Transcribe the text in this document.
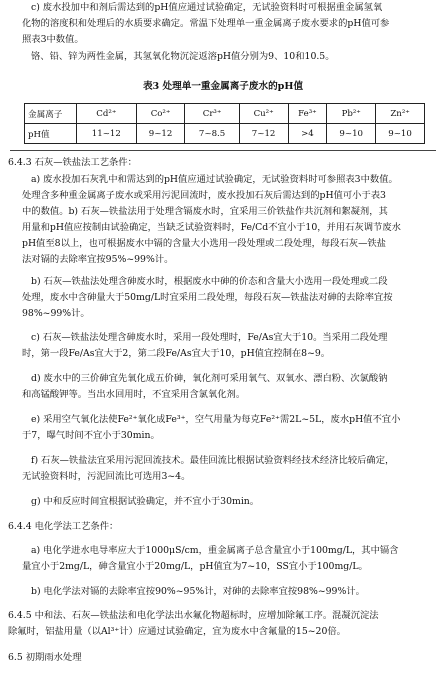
c) 废水投加中和剂后需达到的pH值应通过试验确定，无试验资料时可根据重金属氢氧
化物的溶度积和处理后的水质要求确定。常温下处理单一重金属离子废水要求的pH值可参
照表3中数值。
铬、铅、锌为两性金属，其氢氧化物沉淀返溶pH值分别为9、10和10.5。
表3 处理单一重金属离子废水的pH值
金属离子	Cd²⁺	Co²⁺	Cr³⁺	Cu²⁺	Fe³⁺	Pb²⁺	Zn²⁺
pH值	11~12	9~12	7~8.5	7~12	>4	9~10	9~10
6.4.3 石灰—铁盐法工艺条件：
a) 废水投加石灰乳中和需达到的pH值应通过试验确定，无试验资料时可参照表3中数值。
处理含多种重金属离子废水或采用污泥回流时，废水投加石灰后需达到的pH值可小于表3
中的数值。b) 石灰—铁盐法用于处理含镉废水时，宜采用三价铁盐作共沉剂和絮凝剂，其
用量和pH值应按制由试验确定，当缺乏试验资料时，Fe/Cd不宜小于10，并用石灰调节废水
pH值至8以上，也可根据废水中镉的含量大小选用一段处理或二段处理，每段石灰—铁盐
法对镉的去除率宜按95%~99%计。
b) 石灰—铁盐法处理含砷废水时，根据废水中砷的价态和含量大小选用一段处理或二段
处理，废水中含砷量大于50mg/L时宜采用二段处理，每段石灰—铁盐法对砷的去除率宜按
98%~99%计。
c) 石灰—铁盐法处理含砷废水时，采用一段处理时，Fe/As宜大于10。当采用二段处理
时，第一段Fe/As宜大于2，第二段Fe/As宜大于10，pH值宜控制在8~9。
d) 废水中的三价砷宜先氧化成五价砷，氧化剂可采用氧气、双氧水、漂白粉、次氯酸钠
和高锰酸钾等。当出水回用时，不宜采用含氯氧化剂。
e) 采用空气氧化法使Fe²⁺氧化成Fe³⁺，空气用量为每克Fe²⁺需2L~5L，废水pH值不宜小
于7，曝气时间不宜小于30min。
f) 石灰—铁盐法宜采用污泥回流技术。最佳回流比根据试验资料经技术经济比较后确定，
无试验资料时，污泥回流比可选用3~4。
g) 中和反应时间宜根据试验确定，并不宜小于30min。
6.4.4 电化学法工艺条件：
a) 电化学进水电导率应大于1000μS/cm，重金属离子总含量宜小于100mg/L，其中镉含
量宜小于2mg/L，砷含量宜小于20mg/L，pH值宜为7~10，SS宜小于100mg/L。
b) 电化学法对镉的去除率宜按90%~95%计，对砷的去除率宜按98%~99%计。
6.4.5 中和法、石灰—铁盐法和电化学法出水氟化物超标时，应增加除氟工序。混凝沉淀法
除氟时，铝盐用量（以Al³⁺计）应通过试验确定，宜为废水中含氟量的15~20倍。
6.5 初期雨水处理
